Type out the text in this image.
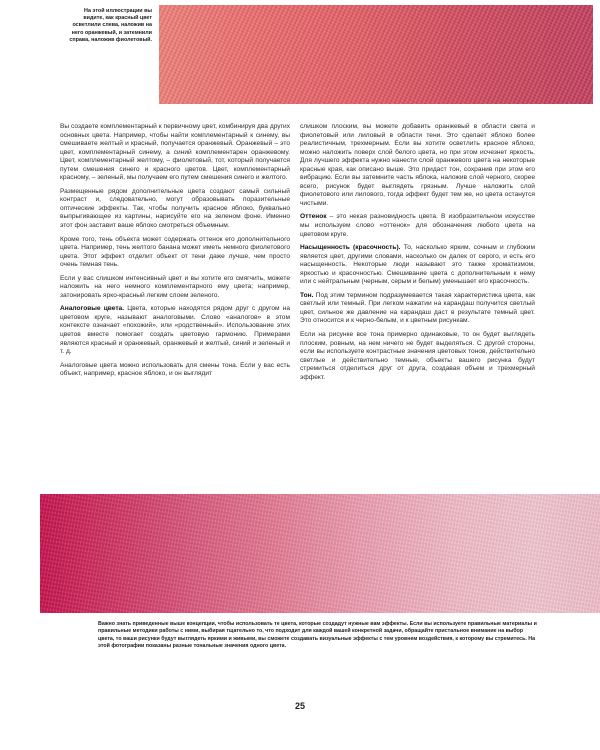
На этой иллюстрации вы видите, как красный цвет осветлили слева, наложив на него оранжевый, и затемнили справа, наложив фиолетовый.

Вы создаете комплементарный к первичному цвет, комбинируя два других основных цвета. Например, чтобы найти комплементарный к синему, вы смешиваете желтый и красный, получается оранжевый. Оранжевый – это цвет, комплементарный синему, а синий комплементарен оранжевому. Цвет, комплементарный желтому, – фиолетовый, тот, который получается путем смешения синего и красного цветов. Цвет, комплементарный красному, – зеленый, мы получаем его путем смешения синего и желтого.

Размещенные рядом дополнительные цвета создают самый сильный контраст и, следовательно, могут образовывать поразительные оптические эффекты. Так, чтобы получить красное яблоко, буквально выпрыгивающее из картины, нарисуйте его на зеленом фоне. Именно этот фон заставит ваше яблоко смотреться объемным.

Кроме того, тень объекта может содержать оттенок его дополнительного цвета. Например, тень желтого банана может иметь немного фиолетового цвета. Этот эффект отделит объект от тени даже лучше, чем просто очень темная тень.

Если у вас слишком интенсивный цвет и вы хотите его смягчить, можете наложить на него немного комплементарного ему цвета; например, затонировать ярко-красный легким слоем зеленого.

Аналоговые цвета. Цвета, которые находятся рядом друг с другом на цветовом круге, называют аналоговыми. Слово «аналогов» в этом контексте означает «похожий», или «родственный». Использование этих цветов вместе помогает создать цветовую гармонию. Примерами являются красный и оранжевый, оранжевый и желтый, синий и зеленый и т. д.

Аналоговые цвета можно использовать для смены тона. Если у вас есть объект, например, красное яблоко, и он выглядит

слишком плоским, вы можете добавить оранжевый в области света и фиолетовый или лиловый в области тени. Это сделает яблоко более реалистичным, трехмерным. Если вы хотите осветлить красное яблоко, можно наложить поверх слой белого цвета, но при этом исчезнет яркость. Для лучшего эффекта нужно нанести слой оранжевого цвета на некоторые красные края, как описано выше. Это придаст тон, сохранив при этом его вибрацию. Если вы затемните часть яблока, наложив слой черного, скорее всего, рисунок будет выглядеть грязным. Лучше наложить слой фиолетового или лилового, тогда эффект будет тем же, но цвета останутся чистыми.

Оттенок – это некая разновидность цвета. В изобразительном искусстве мы используем слово «оттенок» для обозначения любого цвета на цветовом круге.

Насыщенность (красочность). То, насколько ярким, сочным и глубоким является цвет, другими словами, насколько он далек от серого, и есть его насыщенность. Некоторые люди называют это также хроматизмом, яркостью и красочностью. Смешивание цвета с дополнительным к нему или с нейтральным (черным, серым и белым) уменьшает его красочность.

Тон. Под этим термином подразумевается такая характеристика цвета, как светлый или темный. При легком нажатии на карандаш получится светлый цвет, сильное же давление на карандаш даст в результате темный цвет. Это относится и к черно-белым, и к цветным рисункам.

Если на рисунке все тона примерно одинаковые, то он будет выглядеть плоским, ровным, на нем ничего не будет выделяться. С другой стороны, если вы используете контрастные значения цветовых тонов, действительно светлые и действительно темные, объекты вашего рисунка будут стремиться отделиться друг от друга, создавая объем и трехмерный эффект.

Важно знать приведенные выше концепции, чтобы использовать те цвета, которые создадут нужные вам эффекты. Если вы используете правильные материалы и правильные методики работы с ними, выбирая тщательно то, что подходит для каждой вашей конкретной задачи, обращайте пристальное внимание на выбор цвета, то ваши рисунки будут выглядеть яркими и живыми, вы сможете создавать визуальные эффекты с тем уровнем воздействия, к которому вы стремитесь. На этой фотографии показаны разные тональные значения одного цвета.
25
